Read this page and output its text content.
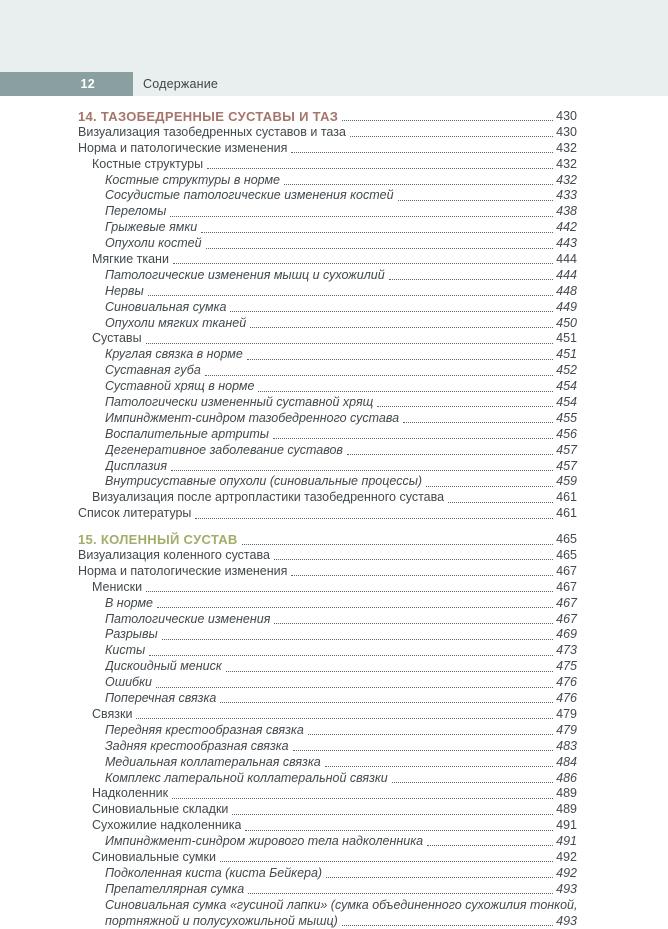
12	Содержание
14. ТАЗОБЕДРЕННЫЕ СУСТАВЫ И ТАЗ	430
Визуализация тазобедренных суставов и таза	430
Норма и патологические изменения	432
Костные структуры	432
Костные структуры в норме	432
Сосудистые патологические изменения костей	433
Переломы	438
Грыжевые ямки	442
Опухоли костей	443
Мягкие ткани	444
Патологические изменения мышц и сухожилий	444
Нервы	448
Синовиальная сумка	449
Опухоли мягких тканей	450
Суставы	451
Круглая связка в норме	451
Суставная губа	452
Суставной хрящ в норме	454
Патологически измененный суставной хрящ	454
Импинджмент-синдром тазобедренного сустава	455
Воспалительные артриты	456
Дегенеративное заболевание суставов	457
Дисплазия	457
Внутрисуставные опухоли (синовиальные процессы)	459
Визуализация после артропластики тазобедренного сустава	461
Список литературы	461
15. КОЛЕННЫЙ СУСТАВ	465
Визуализация коленного сустава	465
Норма и патологические изменения	467
Мениски	467
В норме	467
Патологические изменения	467
Разрывы	469
Кисты	473
Дискоидный мениск	475
Ошибки	476
Поперечная связка	476
Связки	479
Передняя крестообразная связка	479
Задняя крестообразная связка	483
Медиальная коллатеральная связка	484
Комплекс латеральной коллатеральной связки	486
Надколенник	489
Синовиальные складки	489
Сухожилие надколенника	491
Импинджмент-синдром жирового тела надколенника	491
Синовиальные сумки	492
Подколенная киста (киста Бейкера)	492
Препателлярная сумка	493
Синовиальная сумка «гусиной лапки» (сумка объединенного сухожилия тонкой,
портняжной и полусухожильной мышц)	493
